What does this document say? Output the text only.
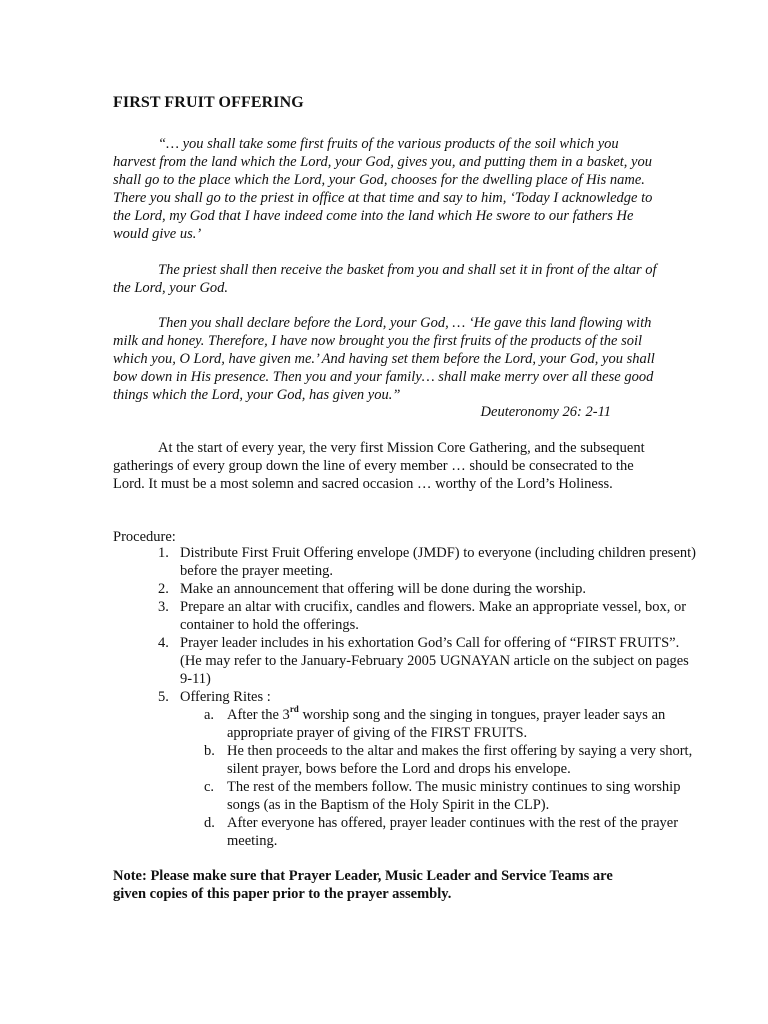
FIRST FRUIT OFFERING

“… you shall take some first fruits of the various products of the soil which you harvest from the land which the Lord, your God, gives you, and putting them in a basket, you shall go to the place which the Lord, your God, chooses for the dwelling place of His name. There you shall go to the priest in office at that time and say to him, ‘Today I acknowledge to the Lord, my God that I have indeed come into the land which He swore to our fathers He would give us.’

The priest shall then receive the basket from you and shall set it in front of the altar of the Lord, your God.

Then you shall declare before the Lord, your God, … ‘He gave this land flowing with milk and honey. Therefore, I have now brought you the first fruits of the products of the soil which you, O Lord, have given me.’ And having set them before the Lord, your God, you shall bow down in His presence. Then you and your family… shall make merry over all these good things which the Lord, your God, has given you.”

Deuteronomy 26: 2-11

At the start of every year, the very first Mission Core Gathering, and the subsequent gatherings of every group down the line of every member … should be consecrated to the Lord. It must be a most solemn and sacred occasion … worthy of the Lord’s Holiness.

Procedure:
1. Distribute First Fruit Offering envelope (JMDF) to everyone (including children present) before the prayer meeting.
2. Make an announcement that offering will be done during the worship.
3. Prepare an altar with crucifix, candles and flowers. Make an appropriate vessel, box, or container to hold the offerings.
4. Prayer leader includes in his exhortation God’s Call for offering of “FIRST FRUITS”. (He may refer to the January-February 2005 UGNAYAN article on the subject on pages 9-11)
5. Offering Rites :
a. After the 3rd worship song and the singing in tongues, prayer leader says an appropriate prayer of giving of the FIRST FRUITS.
b. He then proceeds to the altar and makes the first offering by saying a very short, silent prayer, bows before the Lord and drops his envelope.
c. The rest of the members follow. The music ministry continues to sing worship songs (as in the Baptism of the Holy Spirit in the CLP).
d. After everyone has offered, prayer leader continues with the rest of the prayer meeting.

Note: Please make sure that Prayer Leader, Music Leader and Service Teams are given copies of this paper prior to the prayer assembly.
